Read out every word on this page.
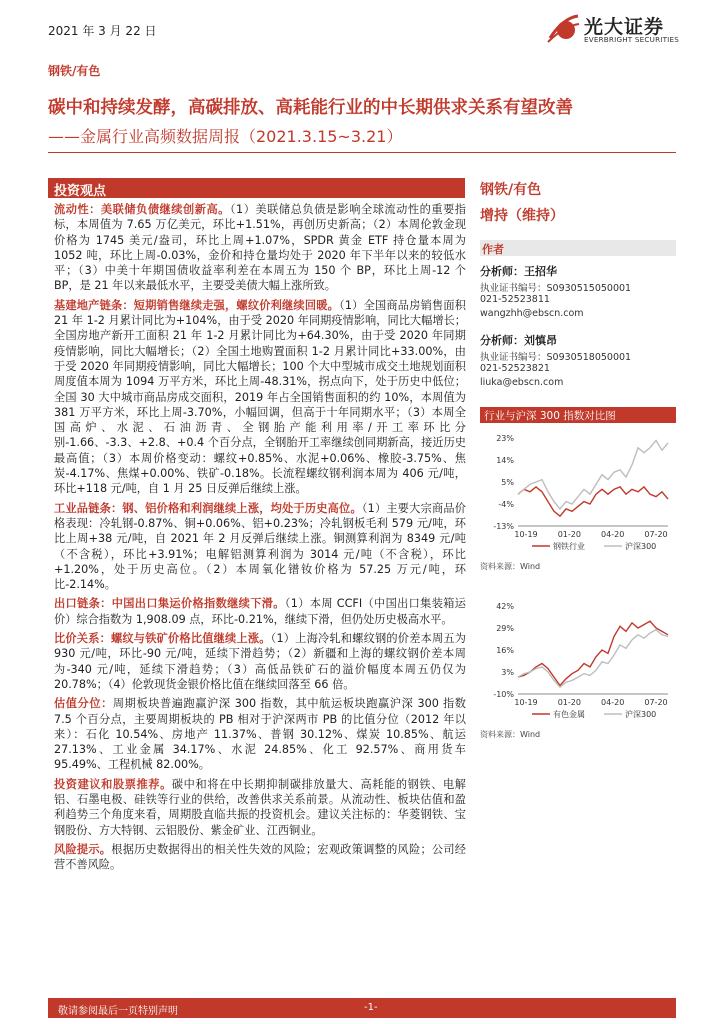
2021 年 3 月 22 日
钢铁/有色
光大证券
EVERBRIGHT SECURITIES
碳中和持续发酵，高碳排放、高耗能行业的中长期供求关系有望改善
——金属行业高频数据周报（2021.3.15~3.21）
投资观点

流动性：美联储负债继续创新高。（1）美联储总负债是影响全球流动性的重要指标，本周值为 7.65 万亿美元，环比+1.51%，再创历史新高；（2）本周伦敦金现价格为 1745 美元/盎司，环比上周+1.07%，SPDR 黄金 ETF 持仓量本周为 1052 吨，环比上周-0.03%，金价和持仓量均处于 2020 年下半年以来的较低水平；（3）中美十年期国债收益率利差在本周五为 150 个 BP，环比上周-12 个 BP，是 21 年以来最低水平，主要受美债大幅上涨所致。

基建地产链条：短期销售继续走强，螺纹价利继续回暖。（1）全国商品房销售面积 21 年 1-2 月累计同比为+104%，由于受 2020 年同期疫情影响，同比大幅增长；全国房地产新开工面积 21 年 1-2 月累计同比为+64.30%，由于受 2020 年同期疫情影响，同比大幅增长；（2）全国土地购置面积 1-2 月累计同比+33.00%，由于受 2020 年同期疫情影响，同比大幅增长；100 个大中型城市成交土地规划面积周度值本周为 1094 万平方米，环比上周-48.31%，拐点向下，处于历史中低位；全国 30 大中城市商品房成交面积，2019 年占全国销售面积的约 10%，本周值为 381 万平方米，环比上周-3.70%，小幅回调，但高于十年同期水平；（3）本周全国高炉、水泥、石油沥青、全钢胎产能利用率/开工率环比分别-1.66、-3.3、+2.8、+0.4 个百分点，全钢胎开工率继续创同期新高，接近历史最高值；（3）本周价格变动：螺纹+0.85%、水泥+0.06%、橡胶-3.75%、焦炭-4.17%、焦煤+0.00%、铁矿-0.18%。长流程螺纹钢利润本周为 406 元/吨，环比+118 元/吨，自 1 月 25 日反弹后继续上涨。

工业品链条：钢、铝价格和利润继续上涨，均处于历史高位。（1）主要大宗商品价格表现：冷轧钢-0.87%、铜+0.06%、铝+0.23%；冷轧钢板毛利 579 元/吨，环比上周+38 元/吨，自 2021 年 2 月反弹后继续上涨。铜测算利润为 8349 元/吨（不含税），环比+3.91%；电解铝测算利润为 3014 元/吨（不含税），环比+1.20%，处于历史高位。（2）本周氧化镨钕价格为 57.25 万元/吨，环比-2.14%。

出口链条：中国出口集运价格指数继续下滑。（1）本周 CCFI（中国出口集装箱运价）综合指数为 1,908.09 点，环比-0.21%，继续下滑，但仍处历史极高水平。

比价关系：螺纹与铁矿价格比值继续上涨。（1）上海冷轧和螺纹钢的价差本周五为 930 元/吨，环比-90 元/吨，延续下滑趋势；（2）新疆和上海的螺纹钢价差本周为-340 元/吨，延续下滑趋势；（3）高低品铁矿石的溢价幅度本周五仍仅为 20.78%；（4）伦敦现货金银价格比值在继续回落至 66 倍。

估值分位：周期板块普遍跑赢沪深 300 指数，其中航运板块跑赢沪深 300 指数 7.5 个百分点，主要周期板块的 PB 相对于沪深两市 PB 的比值分位（2012 年以来）：石化 10.54%、房地产 11.37%、普钢 30.12%、煤炭 10.85%、航运 27.13%、工业金属 34.17%、水泥 24.85%、化工 92.57%、商用货车 95.49%、工程机械 82.00%。

投资建议和股票推荐。碳中和将在中长期抑制碳排放量大、高耗能的钢铁、电解铝、石墨电极、硅铁等行业的供给，改善供求关系前景。从流动性、板块估值和盈利趋势三个角度来看，周期股直临共振的投资机会。建议关注标的：华菱钢铁、宝钢股份、方大特钢、云铝股份、紫金矿业、江西铜业。

风险提示。根据历史数据得出的相关性失效的风险；宏观政策调整的风险；公司经营不善风险。

钢铁/有色
增持（维持）
作者
分析师：王招华
执业证书编号：S0930515050001
021-52523811
wangzhh@ebscn.com
分析师：刘慎昂
执业证书编号：S0930518050001
021-52523821
liuka@ebscn.com
行业与沪深 300 指数对比图
23%
14%
5%
-4%
-13%
10-19	01-20	04-20	07-20
钢铁行业	沪深300
资料来源：Wind
42%
29%
16%
3%
-10%
10-19	01-20	04-20	07-20
有色金属	沪深300
资料来源：Wind
敬请参阅最后一页特别声明	-1-
